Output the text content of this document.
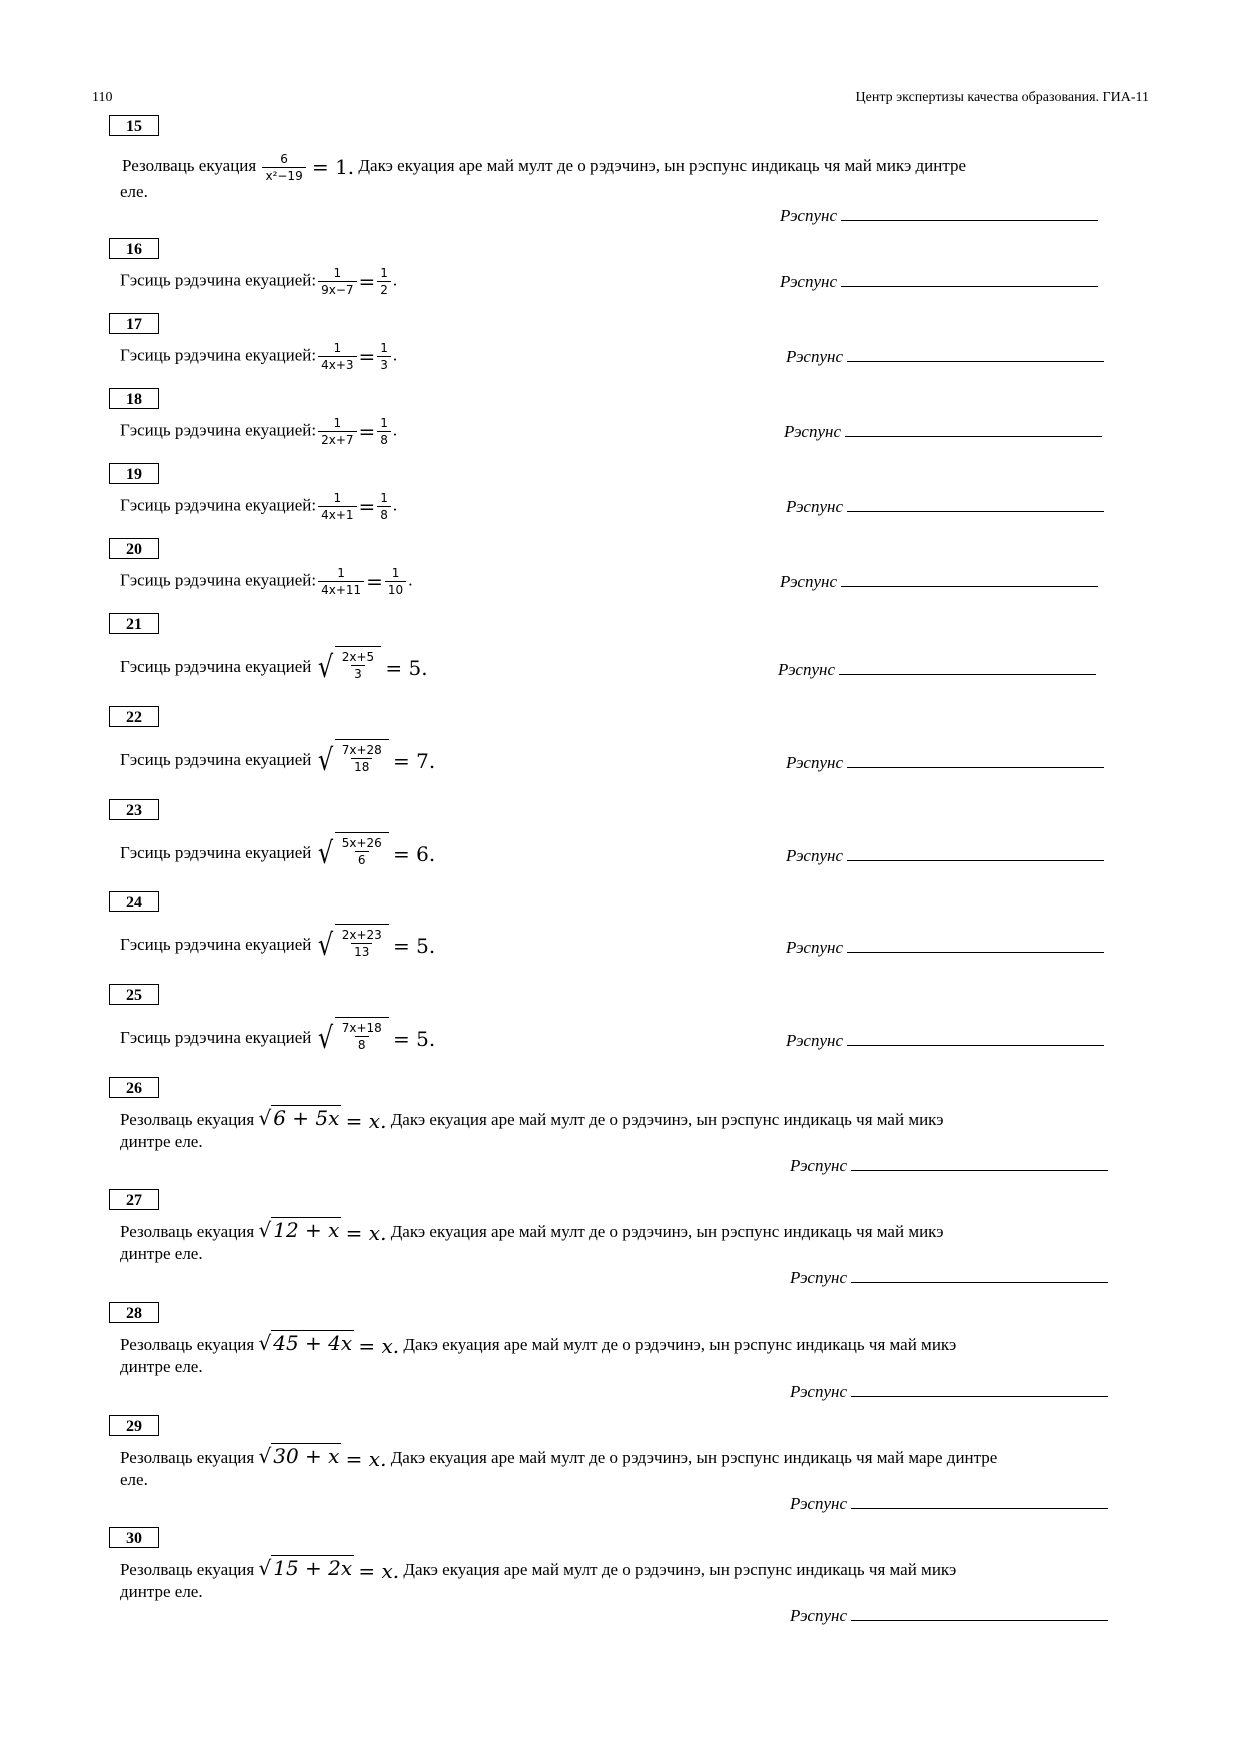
110	Центр экспертизы качества образования. ГИА-11
15
Резолваць екуация $\frac{6}{\text{x²−19}} = 1$. Дакэ екуация аре май мулт де о рэдэчинэ, ын рэспунс индикаць чя май микэ динтре
еле.
Рэспунс
16
Гэсиць рэдэчина екуацией: $\frac{1}{9x-7} = \frac{1}{2}$ .	Рэспунс
17
Гэсиць рэдэчина екуацией: $\frac{1}{4x+3} = \frac{1}{3}$ .	Рэспунс
18
Гэсиць рэдэчина екуацией: $\frac{1}{2x+7} = \frac{1}{8}$ .	Рэспунс
19
Гэсиць рэдэчина екуацией: $\frac{1}{4x+1} = \frac{1}{8}$ .	Рэспунс
20
Гэсиць рэдэчина екуацией: $\frac{1}{4x+11} = \frac{1}{10}$ .	Рэспунс
21
Гэсиць рэдэчина екуацией √ $\frac{2x+5}{3} = 5$.	Рэспунс
22
Гэсиць рэдэчина екуацией √ $\frac{7x+28}{18} = 7$.	Рэспунс
23
Гэсиць рэдэчина екуацией √ $\frac{5x+26}{6} = 6$.	Рэспунс
24
Гэсиць рэдэчина екуацией √ $\frac{2x+23}{13} = 5$.	Рэспунс
25
Гэсиць рэдэчина екуацией √ $\frac{7x+18}{8} = 5$.	Рэспунс
26
Резолваць екуация √ 6 + 5x = x. Дакэ екуация аре май мулт де о рэдэчинэ, ын рэспунс индикаць чя май микэ
динтре еле.
Рэспунс
27
Резолваць екуация √ 12 + x = x. Дакэ екуация аре май мулт де о рэдэчинэ, ын рэспунс индикаць чя май микэ
динтре еле.
Рэспунс
28
Резолваць екуация √ 45 + 4x = x. Дакэ екуация аре май мулт де о рэдэчинэ, ын рэспунс индикаць чя май микэ
динтре еле.
Рэспунс
29
Резолваць екуация √ 30 + x = x. Дакэ екуация аре май мулт де о рэдэчинэ, ын рэспунс индикаць чя май маре динтре
еле.
Рэспунс
30
Резолваць екуация √ 15 + 2x = x. Дакэ екуация аре май мулт де о рэдэчинэ, ын рэспунс индикаць чя май микэ
динтре еле.
Рэспунс
